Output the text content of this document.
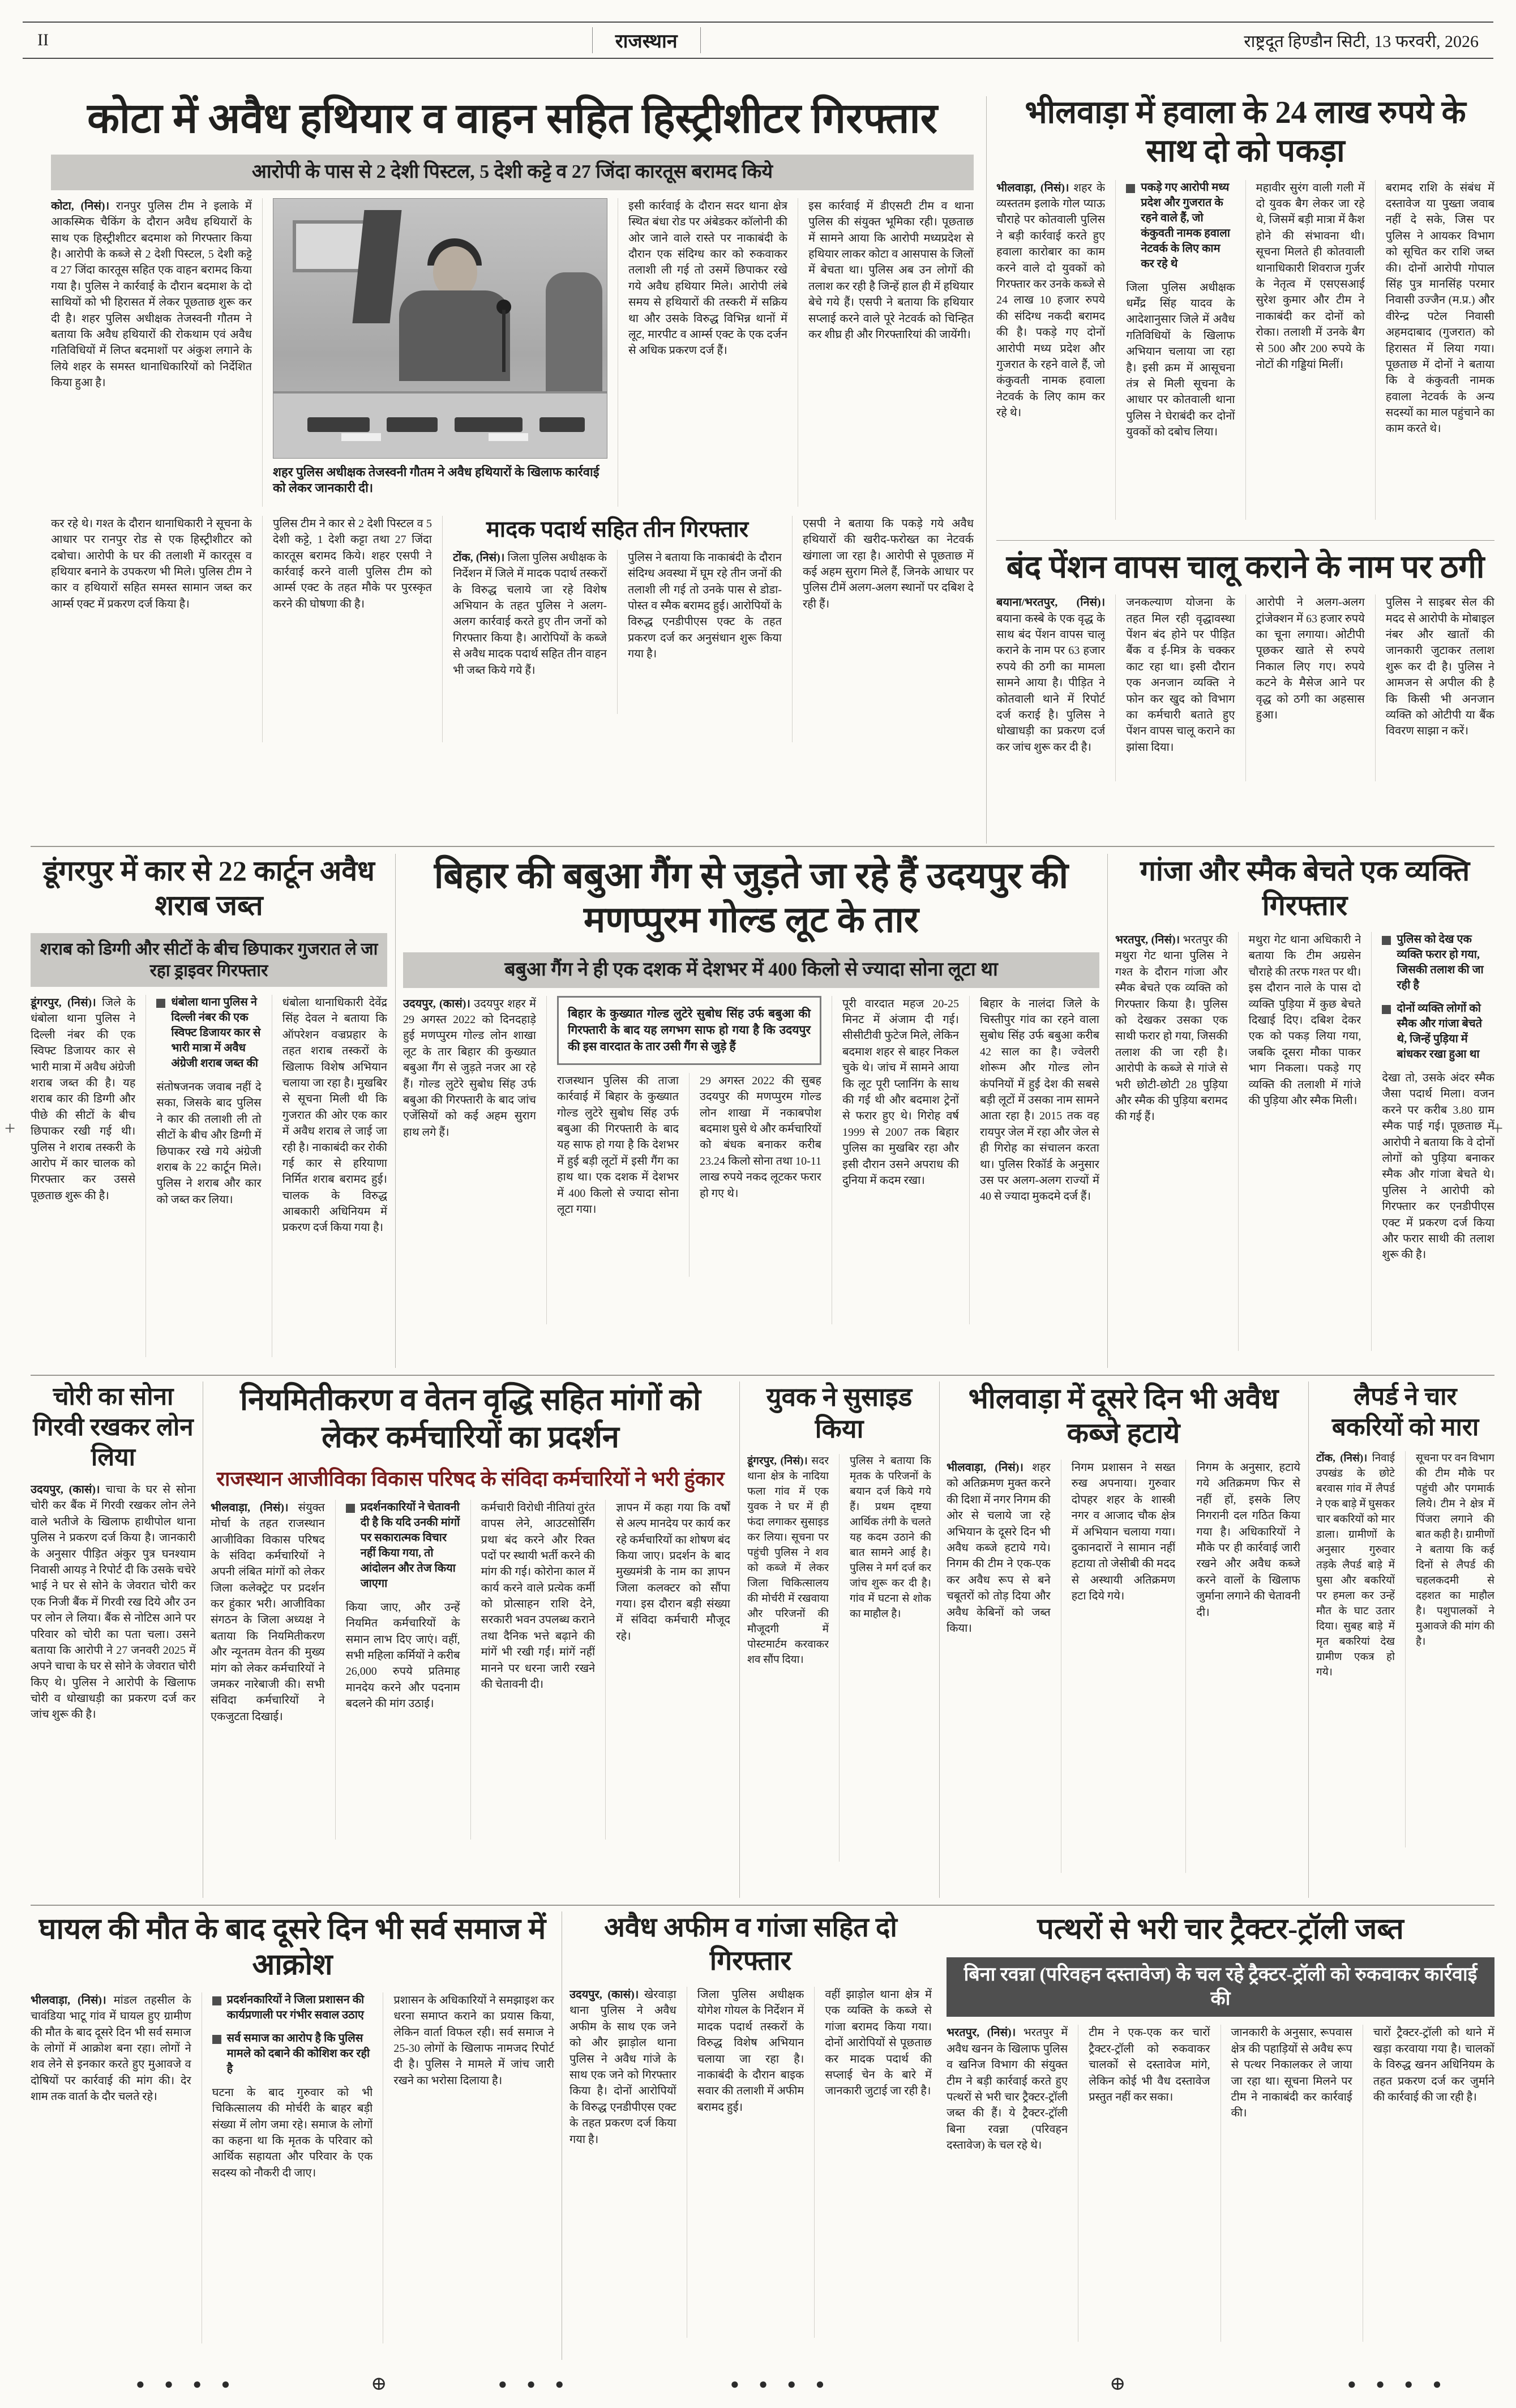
II	राजस्थान	राष्ट्रदूत हिण्डौन सिटी, 13 फरवरी, 2026
कोटा में अवैध हथियार व वाहन सहित हिस्ट्रीशीटर गिरफ्तार
आरोपी के पास से 2 देशी पिस्टल, 5 देशी कट्टे व 27 जिंदा कारतूस बरामद किये
कोटा, (निसं)। रानपुर पुलिस टीम ने इलाके में आकस्मिक चैकिंग के दौरान अवैध हथियारों के साथ एक हिस्ट्रीशीटर बदमाश को गिरफ्तार किया है। आरोपी के कब्जे से 2 देशी पिस्टल, 5 देशी कट्टे व 27 जिंदा कारतूस सहित एक वाहन बरामद किया गया है। पुलिस ने कार्रवाई के दौरान बदमाश के दो साथियों को भी हिरासत में लेकर पूछताछ शुरू कर दी है। शहर पुलिस अधीक्षक तेजस्वनी गौतम ने बताया कि अवैध हथियारों की रोकथाम एवं अवैध गतिविधियों में लिप्त बदमाशों पर अंकुश लगाने के लिये शहर के समस्त थानाधिकारियों को निर्देशित किया हुआ है।
शहर पुलिस अधीक्षक तेजस्वनी गौतम ने अवैध हथियारों के खिलाफ कार्रवाई को लेकर जानकारी दी।
इसी कार्रवाई के दौरान सदर थाना क्षेत्र स्थित बंधा रोड पर अंबेडकर कॉलोनी की ओर जाने वाले रास्ते पर नाकाबंदी के दौरान एक संदिग्ध कार को रुकवाकर तलाशी ली गई तो उसमें छिपाकर रखे गये अवैध हथियार मिले। आरोपी लंबे समय से हथियारों की तस्करी में सक्रिय था और उसके विरुद्ध विभिन्न थानों में लूट, मारपीट व आर्म्स एक्ट के एक दर्जन से अधिक प्रकरण दर्ज हैं।
इस कार्रवाई में डीएसटी टीम व थाना पुलिस की संयुक्त भूमिका रही। पूछताछ में सामने आया कि आरोपी मध्यप्रदेश से हथियार लाकर कोटा व आसपास के जिलों में बेचता था। पुलिस अब उन लोगों की तलाश कर रही है जिन्हें हाल ही में हथियार बेचे गये हैं। एसपी ने बताया कि हथियार सप्लाई करने वाले पूरे नेटवर्क को चिन्हित कर शीघ्र ही और गिरफ्तारियां की जायेंगी।
कर रहे थे। गश्त के दौरान थानाधिकारी ने सूचना के आधार पर रानपुर रोड से एक हिस्ट्रीशीटर को दबोचा। आरोपी के घर की तलाशी में कारतूस व हथियार बनाने के उपकरण भी मिले। पुलिस टीम ने कार व हथियारों सहित समस्त सामान जब्त कर आर्म्स एक्ट में प्रकरण दर्ज किया है।
पुलिस टीम ने कार से 2 देशी पिस्टल व 5 देशी कट्टे, 1 देशी कट्टा तथा 27 जिंदा कारतूस बरामद किये। शहर एसपी ने कार्रवाई करने वाली पुलिस टीम को आर्म्स एक्ट के तहत मौके पर पुरस्कृत करने की घोषणा की है।
मादक पदार्थ सहित तीन गिरफ्तार
टोंक, (निसं)। जिला पुलिस अधीक्षक के निर्देशन में जिले में मादक पदार्थ तस्करों के विरुद्ध चलाये जा रहे विशेष अभियान के तहत पुलिस ने अलग-अलग कार्रवाई करते हुए तीन जनों को गिरफ्तार किया है। आरोपियों के कब्जे से अवैध मादक पदार्थ सहित तीन वाहन भी जब्त किये गये हैं।
पुलिस ने बताया कि नाकाबंदी के दौरान संदिग्ध अवस्था में घूम रहे तीन जनों की तलाशी ली गई तो उनके पास से डोडा-पोस्त व स्मैक बरामद हुई। आरोपियों के विरुद्ध एनडीपीएस एक्ट के तहत प्रकरण दर्ज कर अनुसंधान शुरू किया गया है।
एसपी ने बताया कि पकड़े गये अवैध हथियारों की खरीद-फरोख्त का नेटवर्क खंगाला जा रहा है। आरोपी से पूछताछ में कई अहम सुराग मिले हैं, जिनके आधार पर पुलिस टीमें अलग-अलग स्थानों पर दबिश दे रही हैं।
भीलवाड़ा में हवाला के 24 लाख रुपये के साथ दो को पकड़ा
भीलवाड़ा, (निसं)। शहर के व्यस्ततम इलाके गोल प्याऊ चौराहे पर कोतवाली पुलिस ने बड़ी कार्रवाई करते हुए हवाला कारोबार का काम करने वाले दो युवकों को गिरफ्तार कर उनके कब्जे से 24 लाख 10 हजार रुपये की संदिग्ध नकदी बरामद की है। पकड़े गए दोनों आरोपी मध्य प्रदेश और गुजरात के रहने वाले हैं, जो कंकुवती नामक हवाला नेटवर्क के लिए काम कर रहे थे।
पकड़े गए आरोपी मध्य प्रदेश और गुजरात के रहने वाले हैं, जो कंकुवती नामक हवाला नेटवर्क के लिए काम कर रहे थे
जिला पुलिस अधीक्षक धर्मेंद्र सिंह यादव के आदेशानुसार जिले में अवैध गतिविधियों के खिलाफ अभियान चलाया जा रहा है। इसी क्रम में आसूचना तंत्र से मिली सूचना के आधार पर कोतवाली थाना पुलिस ने घेराबंदी कर दोनों युवकों को दबोच लिया।
महावीर सुरंग वाली गली में दो युवक बैग लेकर जा रहे थे, जिसमें बड़ी मात्रा में कैश होने की संभावना थी। सूचना मिलते ही कोतवाली थानाधिकारी शिवराज गुर्जर के नेतृत्व में एसएसआई सुरेश कुमार और टीम ने नाकाबंदी कर दोनों को रोका। तलाशी में उनके बैग से 500 और 200 रुपये के नोटों की गड्डियां मिलीं।
बरामद राशि के संबंध में दस्तावेज या पुख्ता जवाब नहीं दे सके, जिस पर पुलिस ने आयकर विभाग को सूचित कर राशि जब्त की। दोनों आरोपी गोपाल सिंह पुत्र मानसिंह परमार निवासी उज्जैन (म.प्र.) और वीरेन्द्र पटेल निवासी अहमदाबाद (गुजरात) को हिरासत में लिया गया। पूछताछ में दोनों ने बताया कि वे कंकुवती नामक हवाला नेटवर्क के अन्य सदस्यों का माल पहुंचाने का काम करते थे।
बंद पेंशन वापस चालू कराने के नाम पर ठगी
बयाना/भरतपुर, (निसं)। बयाना कस्बे के एक वृद्ध के साथ बंद पेंशन वापस चालू कराने के नाम पर 63 हजार रुपये की ठगी का मामला सामने आया है। पीड़ित ने कोतवाली थाने में रिपोर्ट दर्ज कराई है। पुलिस ने धोखाधड़ी का प्रकरण दर्ज कर जांच शुरू कर दी है।
जनकल्याण योजना के तहत मिल रही वृद्धावस्था पेंशन बंद होने पर पीड़ित बैंक व ई-मित्र के चक्कर काट रहा था। इसी दौरान एक अनजान व्यक्ति ने फोन कर खुद को विभाग का कर्मचारी बताते हुए पेंशन वापस चालू कराने का झांसा दिया।
आरोपी ने अलग-अलग ट्रांजेक्शन में 63 हजार रुपये का चूना लगाया। ओटीपी पूछकर खाते से रुपये निकाल लिए गए। रुपये कटने के मैसेज आने पर वृद्ध को ठगी का अहसास हुआ।
पुलिस ने साइबर सेल की मदद से आरोपी के मोबाइल नंबर और खातों की जानकारी जुटाकर तलाश शुरू कर दी है। पुलिस ने आमजन से अपील की है कि किसी भी अनजान व्यक्ति को ओटीपी या बैंक विवरण साझा न करें।
डूंगरपुर में कार से 22 कार्टून अवैध शराब जब्त
शराब को डिग्गी और सीटों के बीच छिपाकर गुजरात ले जा रहा ड्राइवर गिरफ्तार
डूंगरपुर, (निसं)। जिले के धंबोला थाना पुलिस ने दिल्ली नंबर की एक स्विफ्ट डिजायर कार से भारी मात्रा में अवैध अंग्रेजी शराब जब्त की है। यह शराब कार की डिग्गी और पीछे की सीटों के बीच छिपाकर रखी गई थी। पुलिस ने शराब तस्करी के आरोप में कार चालक को गिरफ्तार कर उससे पूछताछ शुरू की है।
धंबोला थाना पुलिस ने दिल्ली नंबर की एक स्विफ्ट डिजायर कार से भारी मात्रा में अवैध अंग्रेजी शराब जब्त की
संतोषजनक जवाब नहीं दे सका, जिसके बाद पुलिस ने कार की तलाशी ली तो सीटों के बीच और डिग्गी में छिपाकर रखे गये अंग्रेजी शराब के 22 कार्टून मिले। पुलिस ने शराब और कार को जब्त कर लिया।
धंबोला थानाधिकारी देवेंद्र सिंह देवल ने बताया कि ऑपरेशन वज्रप्रहार के तहत शराब तस्करों के खिलाफ विशेष अभियान चलाया जा रहा है। मुखबिर से सूचना मिली थी कि गुजरात की ओर एक कार में अवैध शराब ले जाई जा रही है। नाकाबंदी कर रोकी गई कार से हरियाणा निर्मित शराब बरामद हुई। चालक के विरुद्ध आबकारी अधिनियम में प्रकरण दर्ज किया गया है।
बिहार की बबुआ गैंग से जुड़ते जा रहे हैं उदयपुर की मणप्पुरम गोल्ड लूट के तार
बबुआ गैंग ने ही एक दशक में देशभर में 400 किलो से ज्यादा सोना लूटा था
उदयपुर, (कासं)। उदयपुर शहर में 29 अगस्त 2022 को दिनदहाड़े हुई मणप्पुरम गोल्ड लोन शाखा लूट के तार बिहार की कुख्यात बबुआ गैंग से जुड़ते नजर आ रहे हैं। गोल्ड लुटेरे सुबोध सिंह उर्फ बबुआ की गिरफ्तारी के बाद जांच एजेंसियों को कई अहम सुराग हाथ लगे हैं।
बिहार के कुख्यात गोल्ड लुटेरे सुबोध सिंह उर्फ बबुआ की गिरफ्तारी के बाद यह लगभग साफ हो गया है कि उदयपुर की इस वारदात के तार उसी गैंग से जुड़े हैं
राजस्थान पुलिस की ताजा कार्रवाई में बिहार के कुख्यात गोल्ड लुटेरे सुबोध सिंह उर्फ बबुआ की गिरफ्तारी के बाद यह साफ हो गया है कि देशभर में हुई बड़ी लूटों में इसी गैंग का हाथ था। एक दशक में देशभर में 400 किलो से ज्यादा सोना लूटा गया।
29 अगस्त 2022 की सुबह उदयपुर की मणप्पुरम गोल्ड लोन शाखा में नकाबपोश बदमाश घुसे थे और कर्मचारियों को बंधक बनाकर करीब 23.24 किलो सोना तथा 10-11 लाख रुपये नकद लूटकर फरार हो गए थे।
पूरी वारदात महज 20-25 मिनट में अंजाम दी गई। सीसीटीवी फुटेज मिले, लेकिन बदमाश शहर से बाहर निकल चुके थे। जांच में सामने आया कि लूट पूरी प्लानिंग के साथ की गई थी और बदमाश ट्रेनों से फरार हुए थे। गिरोह वर्ष 1999 से 2007 तक बिहार पुलिस का मुखबिर रहा और इसी दौरान उसने अपराध की दुनिया में कदम रखा।
बिहार के नालंदा जिले के चिस्तीपुर गांव का रहने वाला सुबोध सिंह उर्फ बबुआ करीब 42 साल का है। ज्वेलरी शोरूम और गोल्ड लोन कंपनियों में हुई देश की सबसे बड़ी लूटों में उसका नाम सामने आता रहा है। 2015 तक वह रायपुर जेल में रहा और जेल से ही गिरोह का संचालन करता था। पुलिस रिकॉर्ड के अनुसार उस पर अलग-अलग राज्यों में 40 से ज्यादा मुकदमे दर्ज हैं।
गांजा और स्मैक बेचते एक व्यक्ति गिरफ्तार
भरतपुर, (निसं)। भरतपुर की मथुरा गेट थाना पुलिस ने गश्त के दौरान गांजा और स्मैक बेचते एक व्यक्ति को गिरफ्तार किया है। पुलिस को देखकर उसका एक साथी फरार हो गया, जिसकी तलाश की जा रही है। आरोपी के कब्जे से गांजे से भरी छोटी-छोटी 28 पुड़िया और स्मैक की पुड़िया बरामद की गई हैं।
मथुरा गेट थाना अधिकारी ने बताया कि टीम अग्रसेन चौराहे की तरफ गश्त पर थी। इस दौरान नाले के पास दो व्यक्ति पुड़िया में कुछ बेचते दिखाई दिए। दबिश देकर एक को पकड़ लिया गया, जबकि दूसरा मौका पाकर भाग निकला। पकड़े गए व्यक्ति की तलाशी में गांजे की पुड़िया और स्मैक मिली।
पुलिस को देख एक व्यक्ति फरार हो गया, जिसकी तलाश की जा रही है
दोनों व्यक्ति लोगों को स्मैक और गांजा बेचते थे, जिन्हें पुड़िया में बांधकर रखा हुआ था
देखा तो, उसके अंदर स्मैक जैसा पदार्थ मिला। वजन करने पर करीब 3.80 ग्राम स्मैक पाई गई। पूछताछ में आरोपी ने बताया कि वे दोनों लोगों को पुड़िया बनाकर स्मैक और गांजा बेचते थे। पुलिस ने आरोपी को गिरफ्तार कर एनडीपीएस एक्ट में प्रकरण दर्ज किया और फरार साथी की तलाश शुरू की है।
चोरी का सोना गिरवी रखकर लोन लिया
उदयपुर, (कासं)। चाचा के घर से सोना चोरी कर बैंक में गिरवी रखकर लोन लेने वाले भतीजे के खिलाफ हाथीपोल थाना पुलिस ने प्रकरण दर्ज किया है। जानकारी के अनुसार पीड़ित अंकुर पुत्र घनश्याम निवासी आयड़ ने रिपोर्ट दी कि उसके चचेरे भाई ने घर से सोने के जेवरात चोरी कर एक निजी बैंक में गिरवी रख दिये और उन पर लोन ले लिया। बैंक से नोटिस आने पर परिवार को चोरी का पता चला। उसने बताया कि आरोपी ने 27 जनवरी 2025 में अपने चाचा के घर से सोने के जेवरात चोरी किए थे। पुलिस ने आरोपी के खिलाफ चोरी व धोखाधड़ी का प्रकरण दर्ज कर जांच शुरू की है।
नियमितीकरण व वेतन वृद्धि सहित मांगों को लेकर कर्मचारियों का प्रदर्शन
राजस्थान आजीविका विकास परिषद के संविदा कर्मचारियों ने भरी हुंकार
भीलवाड़ा, (निसं)। संयुक्त मोर्चा के तहत राजस्थान आजीविका विकास परिषद के संविदा कर्मचारियों ने अपनी लंबित मांगों को लेकर जिला कलेक्ट्रेट पर प्रदर्शन कर हुंकार भरी। आजीविका संगठन के जिला अध्यक्ष ने बताया कि नियमितीकरण और न्यूनतम वेतन की मुख्य मांग को लेकर कर्मचारियों ने जमकर नारेबाजी की। सभी संविदा कर्मचारियों ने एकजुटता दिखाई।
प्रदर्शनकारियों ने चेतावनी दी है कि यदि उनकी मांगों पर सकारात्मक विचार नहीं किया गया, तो आंदोलन और तेज किया जाएगा
किया जाए, और उन्हें नियमित कर्मचारियों के समान लाभ दिए जाएं। वहीं, सभी महिला कर्मियों ने करीब 26,000 रुपये प्रतिमाह मानदेय करने और पदनाम बदलने की मांग उठाई।
कर्मचारी विरोधी नीतियां तुरंत वापस लेने, आउटसोर्सिंग प्रथा बंद करने और रिक्त पदों पर स्थायी भर्ती करने की मांग की गई। कोरोना काल में कार्य करने वाले प्रत्येक कर्मी को प्रोत्साहन राशि देने, सरकारी भवन उपलब्ध कराने तथा दैनिक भत्ते बढ़ाने की मांगें भी रखी गईं। मांगें नहीं मानने पर धरना जारी रखने की चेतावनी दी।
ज्ञापन में कहा गया कि वर्षों से अल्प मानदेय पर कार्य कर रहे कर्मचारियों का शोषण बंद किया जाए। प्रदर्शन के बाद मुख्यमंत्री के नाम का ज्ञापन जिला कलक्टर को सौंपा गया। इस दौरान बड़ी संख्या में संविदा कर्मचारी मौजूद रहे।
युवक ने सुसाइड किया
डूंगरपुर, (निसं)। सदर थाना क्षेत्र के नादिया फला गांव में एक युवक ने घर में ही फंदा लगाकर सुसाइड कर लिया। सूचना पर पहुंची पुलिस ने शव को कब्जे में लेकर जिला चिकित्सालय की मोर्चरी में रखवाया और परिजनों की मौजूदगी में पोस्टमार्टम करवाकर शव सौंप दिया।
पुलिस ने बताया कि मृतक के परिजनों के बयान दर्ज किये गये हैं। प्रथम दृष्टया आर्थिक तंगी के चलते यह कदम उठाने की बात सामने आई है। पुलिस ने मर्ग दर्ज कर जांच शुरू कर दी है। गांव में घटना से शोक का माहौल है।
भीलवाड़ा में दूसरे दिन भी अवैध कब्जे हटाये
भीलवाड़ा, (निसं)। शहर को अतिक्रमण मुक्त करने की दिशा में नगर निगम की ओर से चलाये जा रहे अभियान के दूसरे दिन भी अवैध कब्जे हटाये गये। निगम की टीम ने एक-एक कर अवैध रूप से बने चबूतरों को तोड़ दिया और अवैध केबिनों को जब्त किया।
निगम प्रशासन ने सख्त रुख अपनाया। गुरुवार दोपहर शहर के शास्त्री नगर व आजाद चौक क्षेत्र में अभियान चलाया गया। दुकानदारों ने सामान नहीं हटाया तो जेसीबी की मदद से अस्थायी अतिक्रमण हटा दिये गये।
निगम के अनुसार, हटाये गये अतिक्रमण फिर से नहीं हों, इसके लिए निगरानी दल गठित किया गया है। अधिकारियों ने मौके पर ही कार्रवाई जारी रखने और अवैध कब्जे करने वालों के खिलाफ जुर्माना लगाने की चेतावनी दी।
लैपर्ड ने चार बकरियों को मारा
टोंक, (निसं)। निवाई उपखंड के छोटे बरवास गांव में लैपर्ड ने एक बाड़े में घुसकर चार बकरियों को मार डाला। ग्रामीणों के अनुसार गुरुवार तड़के लैपर्ड बाड़े में घुसा और बकरियों पर हमला कर उन्हें मौत के घाट उतार दिया। सुबह बाड़े में मृत बकरियां देख ग्रामीण एकत्र हो गये।
सूचना पर वन विभाग की टीम मौके पर पहुंची और पगमार्क लिये। टीम ने क्षेत्र में पिंजरा लगाने की बात कही है। ग्रामीणों ने बताया कि कई दिनों से लैपर्ड की चहलकदमी से दहशत का माहौल है। पशुपालकों ने मुआवजे की मांग की है।
घायल की मौत के बाद दूसरे दिन भी सर्व समाज में आक्रोश
भीलवाड़ा, (निसं)। मांडल तहसील के चावंडिया भाटू गांव में घायल हुए ग्रामीण की मौत के बाद दूसरे दिन भी सर्व समाज के लोगों में आक्रोश बना रहा। लोगों ने शव लेने से इनकार करते हुए मुआवजे व दोषियों पर कार्रवाई की मांग की। देर शाम तक वार्ता के दौर चलते रहे।
प्रदर्शनकारियों ने जिला प्रशासन की कार्यप्रणाली पर गंभीर सवाल उठाए
सर्व समाज का आरोप है कि पुलिस मामले को दबाने की कोशिश कर रही है
घटना के बाद गुरुवार को भी चिकित्सालय की मोर्चरी के बाहर बड़ी संख्या में लोग जमा रहे। समाज के लोगों का कहना था कि मृतक के परिवार को आर्थिक सहायता और परिवार के एक सदस्य को नौकरी दी जाए।
प्रशासन के अधिकारियों ने समझाइश कर धरना समाप्त कराने का प्रयास किया, लेकिन वार्ता विफल रही। सर्व समाज ने 25-30 लोगों के खिलाफ नामजद रिपोर्ट दी है। पुलिस ने मामले में जांच जारी रखने का भरोसा दिलाया है।
अवैध अफीम व गांजा सहित दो गिरफ्तार
उदयपुर, (कासं)। खेरवाड़ा थाना पुलिस ने अवैध अफीम के साथ एक जने को और झाड़ोल थाना पुलिस ने अवैध गांजे के साथ एक जने को गिरफ्तार किया है। दोनों आरोपियों के विरुद्ध एनडीपीएस एक्ट के तहत प्रकरण दर्ज किया गया है।
जिला पुलिस अधीक्षक योगेश गोयल के निर्देशन में मादक पदार्थ तस्करों के विरुद्ध विशेष अभियान चलाया जा रहा है। नाकाबंदी के दौरान बाइक सवार की तलाशी में अफीम बरामद हुई।
वहीं झाड़ोल थाना क्षेत्र में एक व्यक्ति के कब्जे से गांजा बरामद किया गया। दोनों आरोपियों से पूछताछ कर मादक पदार्थ की सप्लाई चेन के बारे में जानकारी जुटाई जा रही है।
पत्थरों से भरी चार ट्रैक्टर-ट्रॉली जब्त
बिना रवन्ना (परिवहन दस्तावेज) के चल रहे ट्रैक्टर-ट्रॉली को रुकवाकर कार्रवाई की
भरतपुर, (निसं)। भरतपुर में अवैध खनन के खिलाफ पुलिस व खनिज विभाग की संयुक्त टीम ने बड़ी कार्रवाई करते हुए पत्थरों से भरी चार ट्रैक्टर-ट्रॉली जब्त की हैं। ये ट्रैक्टर-ट्रॉली बिना रवन्ना (परिवहन दस्तावेज) के चल रहे थे।
टीम ने एक-एक कर चारों ट्रैक्टर-ट्रॉली को रुकवाकर चालकों से दस्तावेज मांगे, लेकिन कोई भी वैध दस्तावेज प्रस्तुत नहीं कर सका।
जानकारी के अनुसार, रूपवास क्षेत्र की पहाड़ियों से अवैध रूप से पत्थर निकालकर ले जाया जा रहा था। सूचना मिलने पर टीम ने नाकाबंदी कर कार्रवाई की।
चारों ट्रैक्टर-ट्रॉली को थाने में खड़ा करवाया गया है। चालकों के विरुद्ध खनन अधिनियम के तहत प्रकरण दर्ज कर जुर्माने की कार्रवाई की जा रही है।
+	+
● ● ● ●	⊕	● ● ●	● ● ● ●	⊕	● ● ● ●
